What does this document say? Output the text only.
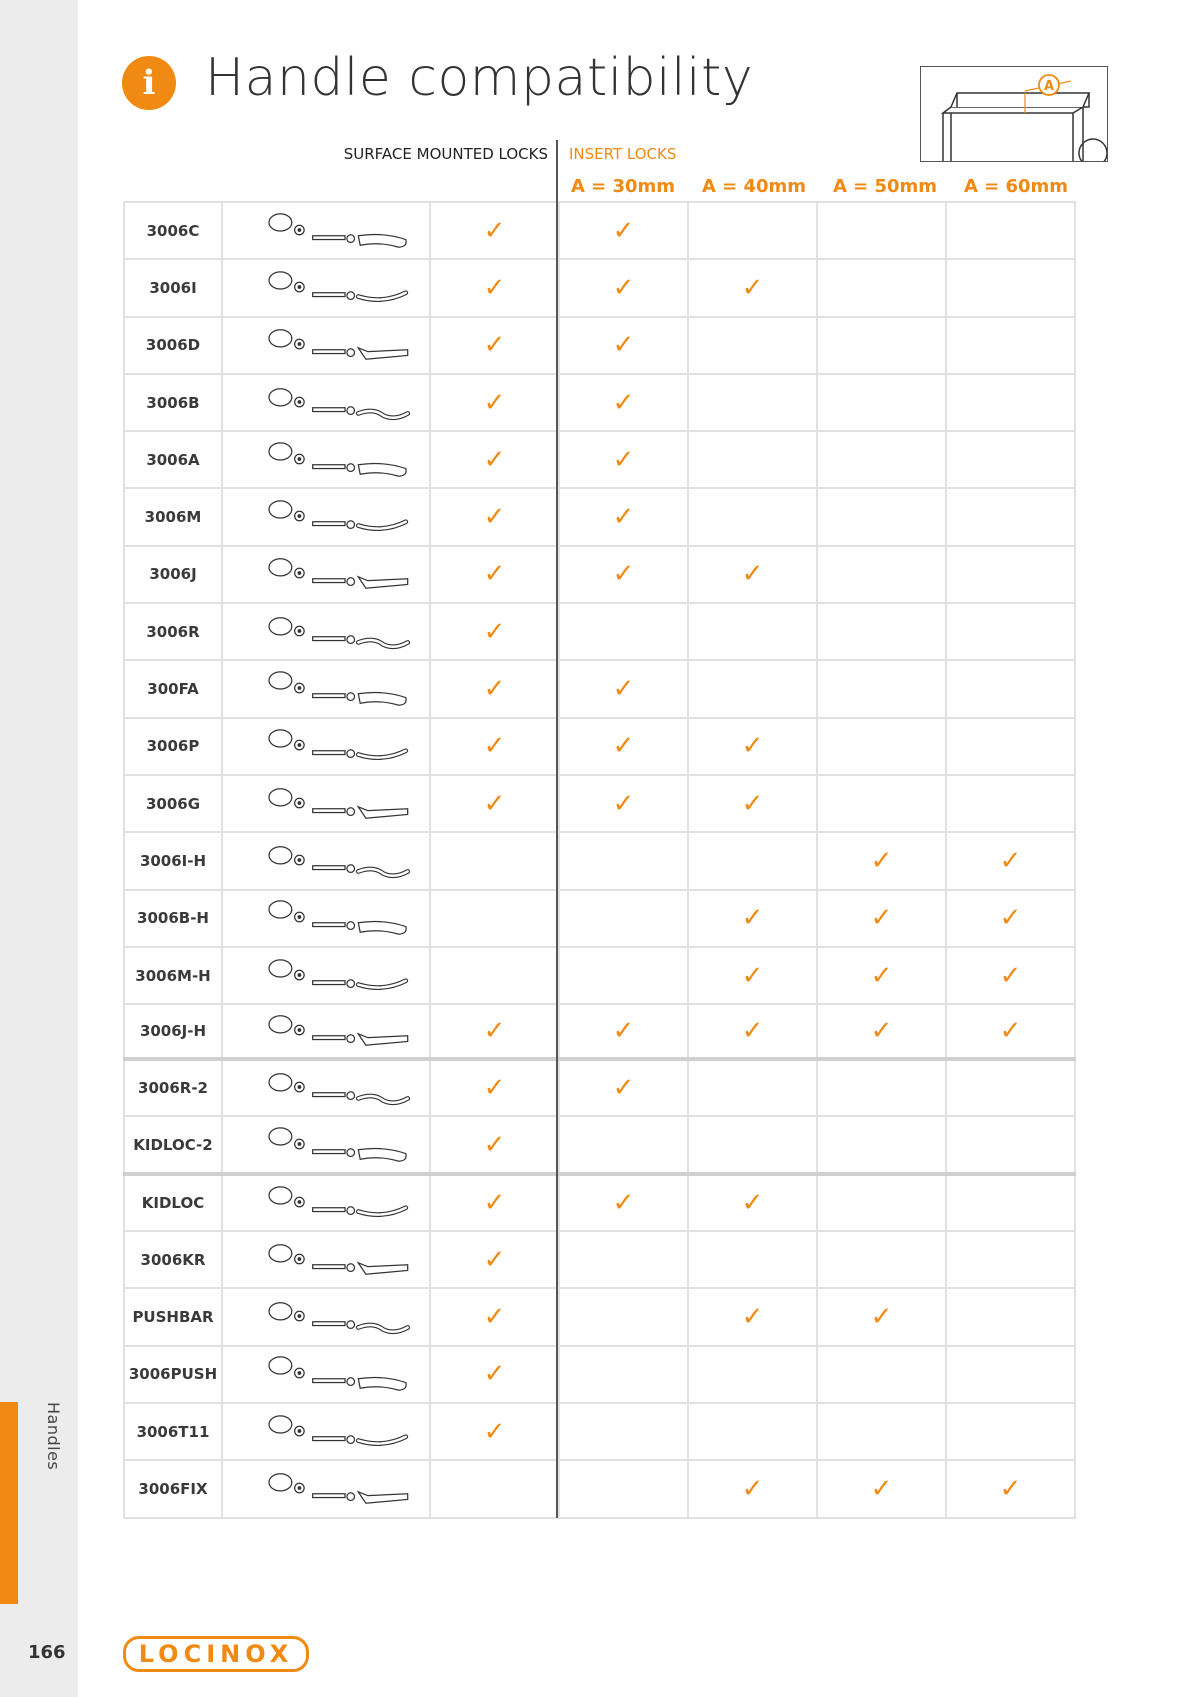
Handles
166
i Handle compatibility	A
SURFACE MOUNTED LOCKS INSERT LOCKS
A = 30mm	A = 40mm	A = 50mm	A = 60mm
3006C		✓	✓			
3006I		✓	✓	✓		
3006D		✓	✓			
3006B		✓	✓			
3006A		✓	✓			
3006M		✓	✓			
3006J		✓	✓	✓		
3006R		✓				
300FA		✓	✓			
3006P		✓	✓	✓		
3006G		✓	✓	✓		
3006I-H					✓	✓
3006B-H				✓	✓	✓
3006M-H				✓	✓	✓
3006J-H		✓	✓	✓	✓	✓
3006R-2		✓	✓			
KIDLOC-2		✓				
KIDLOC		✓	✓	✓		
3006KR		✓				
PUSHBAR		✓		✓	✓	
3006PUSH		✓				
3006T11		✓				
3006FIX				✓	✓	✓
LOCINOX
